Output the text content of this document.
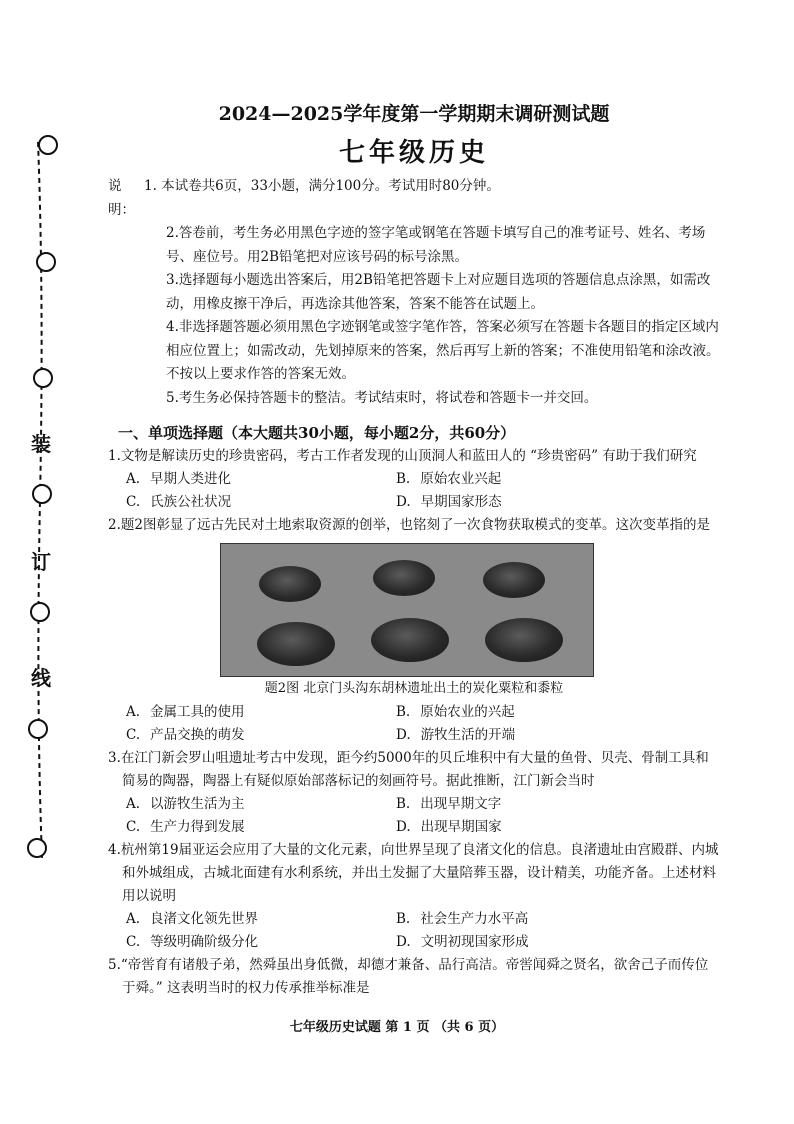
装
订
线
2024—2025学年度第一学期期末调研测试题
七年级历史
说明：
1. 本试卷共6页，33小题，满分100分。考试用时80分钟。
2.答卷前，考生务必用黑色字迹的签字笔或钢笔在答题卡填写自己的准考证号、姓名、考场号、座位号。用2B铅笔把对应该号码的标号涂黑。
3.选择题每小题选出答案后，用2B铅笔把答题卡上对应题目选项的答题信息点涂黑，如需改动，用橡皮擦干净后，再选涂其他答案，答案不能答在试题上。
4.非选择题答题必须用黑色字迹钢笔或签字笔作答，答案必须写在答题卡各题目的指定区域内相应位置上；如需改动，先划掉原来的答案，然后再写上新的答案；不准使用铅笔和涂改液。不按以上要求作答的答案无效。
5.考生务必保持答题卡的整洁。考试结束时，将试卷和答题卡一并交回。
一、单项选择题（本大题共30小题，每小题2分，共60分）
1.文物是解读历史的珍贵密码，考古工作者发现的山顶洞人和蓝田人的 “珍贵密码” 有助于我们研究
A. 早期人类进化	B. 原始农业兴起
C. 氏族公社状况	D. 早期国家形态
2.题2图彰显了远古先民对土地索取资源的创举，也铭刻了一次食物获取模式的变革。这次变革指的是
题2图 北京门头沟东胡林遗址出土的炭化粟粒和黍粒
A. 金属工具的使用	B. 原始农业的兴起
C. 产品交换的萌发	D. 游牧生活的开端
3.在江门新会罗山咀遗址考古中发现，距今约5000年的贝丘堆积中有大量的鱼骨、贝壳、骨制工具和简易的陶器，陶器上有疑似原始部落标记的刻画符号。据此推断，江门新会当时
A. 以游牧生活为主	B. 出现早期文字
C. 生产力得到发展	D. 出现早期国家
4.杭州第19届亚运会应用了大量的文化元素，向世界呈现了良渚文化的信息。良渚遗址由宫殿群、内城和外城组成，古城北面建有水利系统，并出土发掘了大量陪葬玉器，设计精美，功能齐备。上述材料用以说明
A. 良渚文化领先世界	B. 社会生产力水平高
C. 等级明确阶级分化	D. 文明初现国家形成
5.“帝喾育有诸般子弟，然舜虽出身低微，却德才兼备、品行高洁。帝喾闻舜之贤名，欲舍己子而传位于舜。” 这表明当时的权力传承推举标准是
七年级历史试题 第 1 页 （共 6 页）
